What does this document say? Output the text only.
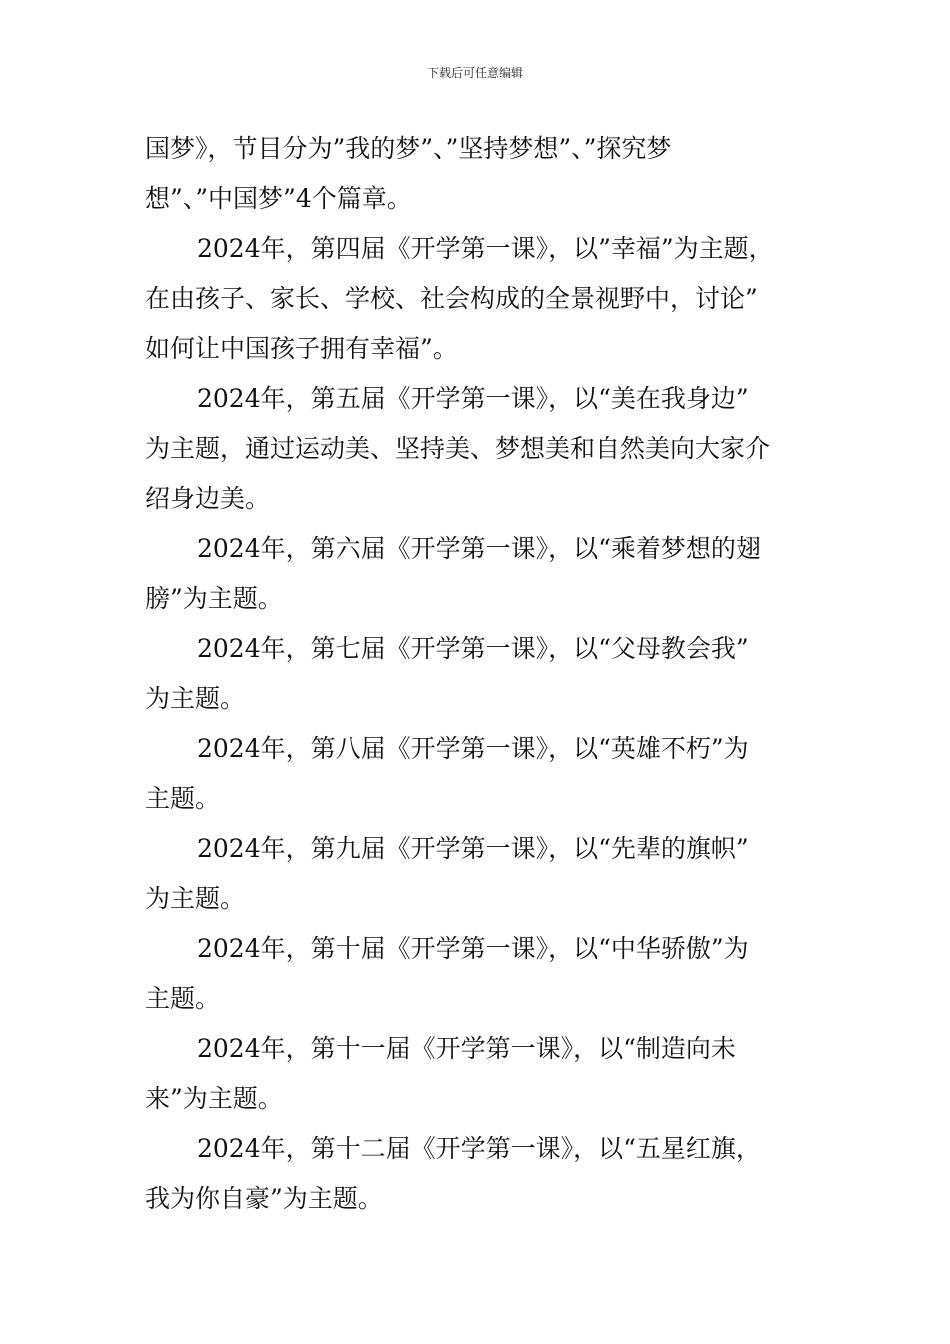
下载后可任意编辑
国梦》，节目分为”我的梦”、”坚持梦想”、”探究梦
想”、”中国梦”4个篇章。
2024年，第四届《开学第一课》，以”幸福”为主题，
在由孩子、家长、学校、社会构成的全景视野中，讨论”
如何让中国孩子拥有幸福”。
2024年，第五届《开学第一课》，以“美在我身边”
为主题，通过运动美、坚持美、梦想美和自然美向大家介
绍身边美。
2024年，第六届《开学第一课》，以“乘着梦想的翅
膀”为主题。
2024年，第七届《开学第一课》，以“父母教会我”
为主题。
2024年，第八届《开学第一课》，以“英雄不朽”为
主题。
2024年，第九届《开学第一课》，以“先辈的旗帜”
为主题。
2024年，第十届《开学第一课》，以“中华骄傲”为
主题。
2024年，第十一届《开学第一课》，以“制造向未
来”为主题。
2024年，第十二届《开学第一课》，以“五星红旗，
我为你自豪”为主题。
